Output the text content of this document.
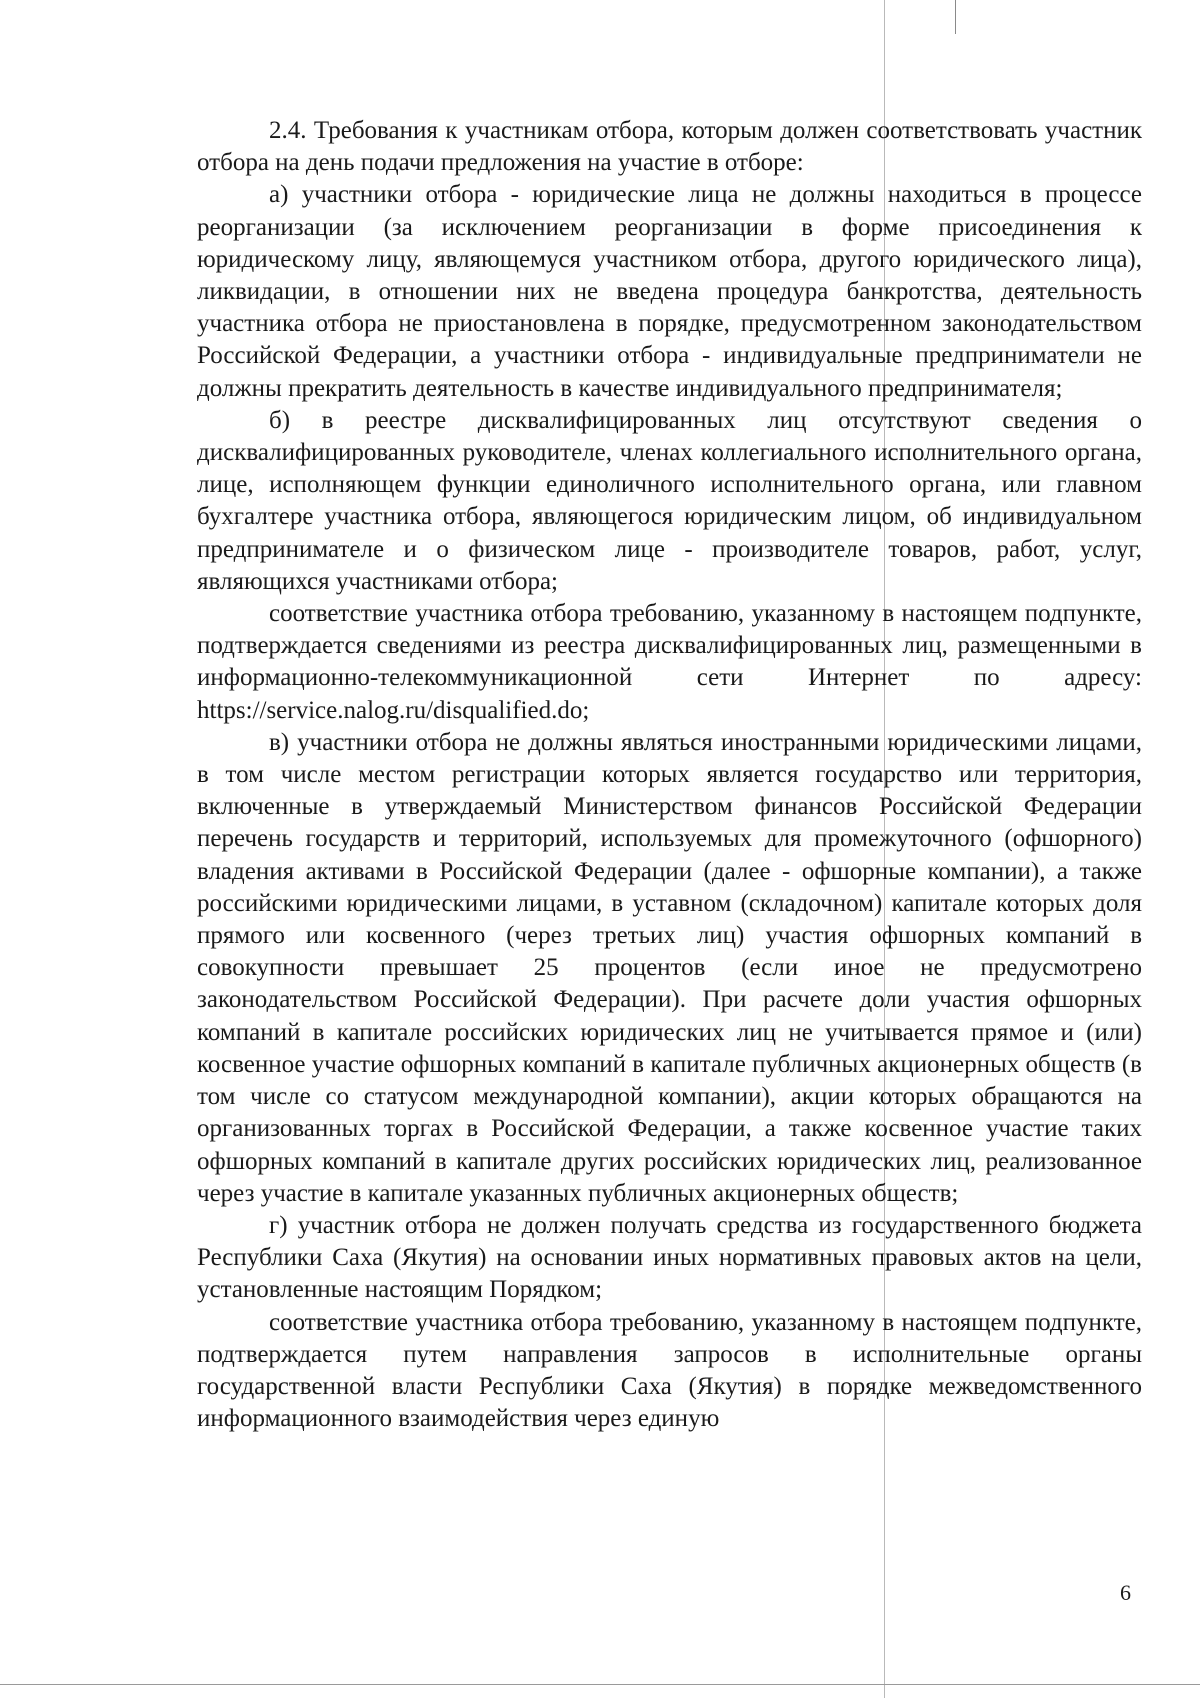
2.4. Требования к участникам отбора, которым должен соответствовать участник отбора на день подачи предложения на участие в отборе:

а) участники отбора - юридические лица не должны находиться в процессе реорганизации (за исключением реорганизации в форме присоединения к юридическому лицу, являющемуся участником отбора, другого юридического лица), ликвидации, в отношении них не введена процедура банкротства, деятельность участника отбора не приостановлена в порядке, предусмотренном законодательством Российской Федерации, а участники отбора - индивидуальные предприниматели не должны прекратить деятельность в качестве индивидуального предпринимателя;

б) в реестре дисквалифицированных лиц отсутствуют сведения о дисквалифицированных руководителе, членах коллегиального исполнительного органа, лице, исполняющем функции единоличного исполнительного органа, или главном бухгалтере участника отбора, являющегося юридическим лицом, об индивидуальном предпринимателе и о физическом лице - производителе товаров, работ, услуг, являющихся участниками отбора;

соответствие участника отбора требованию, указанному в настоящем подпункте, подтверждается сведениями из реестра дисквалифицированных лиц, размещенными в информационно-телекоммуникационной сети Интернет по адресу: https://service.nalog.ru/disqualified.do;

в) участники отбора не должны являться иностранными юридическими лицами, в том числе местом регистрации которых является государство или территория, включенные в утверждаемый Министерством финансов Российской Федерации перечень государств и территорий, используемых для промежуточного (офшорного) владения активами в Российской Федерации (далее - офшорные компании), а также российскими юридическими лицами, в уставном (складочном) капитале которых доля прямого или косвенного (через третьих лиц) участия офшорных компаний в совокупности превышает 25 процентов (если иное не предусмотрено законодательством Российской Федерации). При расчете доли участия офшорных компаний в капитале российских юридических лиц не учитывается прямое и (или) косвенное участие офшорных компаний в капитале публичных акционерных обществ (в том числе со статусом международной компании), акции которых обращаются на организованных торгах в Российской Федерации, а также косвенное участие таких офшорных компаний в капитале других российских юридических лиц, реализованное через участие в капитале указанных публичных акционерных обществ;

г) участник отбора не должен получать средства из государственного бюджета Республики Саха (Якутия) на основании иных нормативных правовых актов на цели, установленные настоящим Порядком;

соответствие участника отбора требованию, указанному в настоящем подпункте, подтверждается путем направления запросов в исполнительные органы государственной власти Республики Саха (Якутия) в порядке межведомственного информационного взаимодействия через единую

6
